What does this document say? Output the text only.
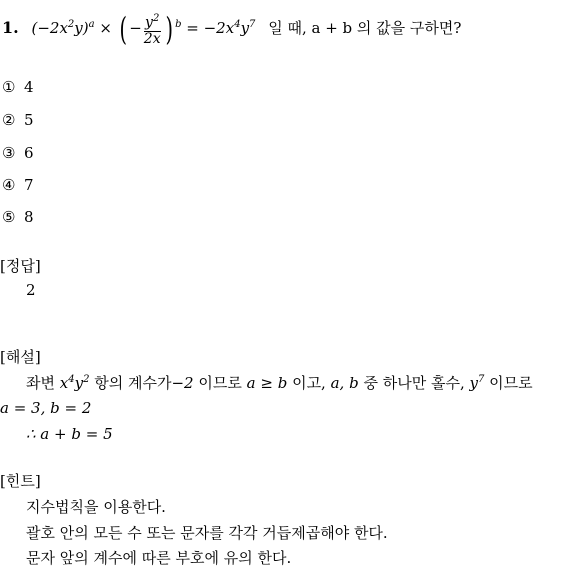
1. $(-2x^2y)^a$ × ( − $\frac{y^2}{2x}$ ) $^b = -2x^4y^7$ 일 때, a + b 의 값을 구하면?
① 4
② 5
③ 6
④ 7
⑤ 8
[정답]
2
[해설]
좌변 $x^4y^2$ 항의 계수가−2 이므로 a ≥ b 이고, a, b 중 하나만 홀수, $y^7$ 이므로
a = 3, b = 2
∴ a + b = 5
[힌트]
지수법칙을 이용한다.
괄호 안의 모든 수 또는 문자를 각각 거듭제곱해야 한다.
문자 앞의 계수에 따른 부호에 유의 한다.
